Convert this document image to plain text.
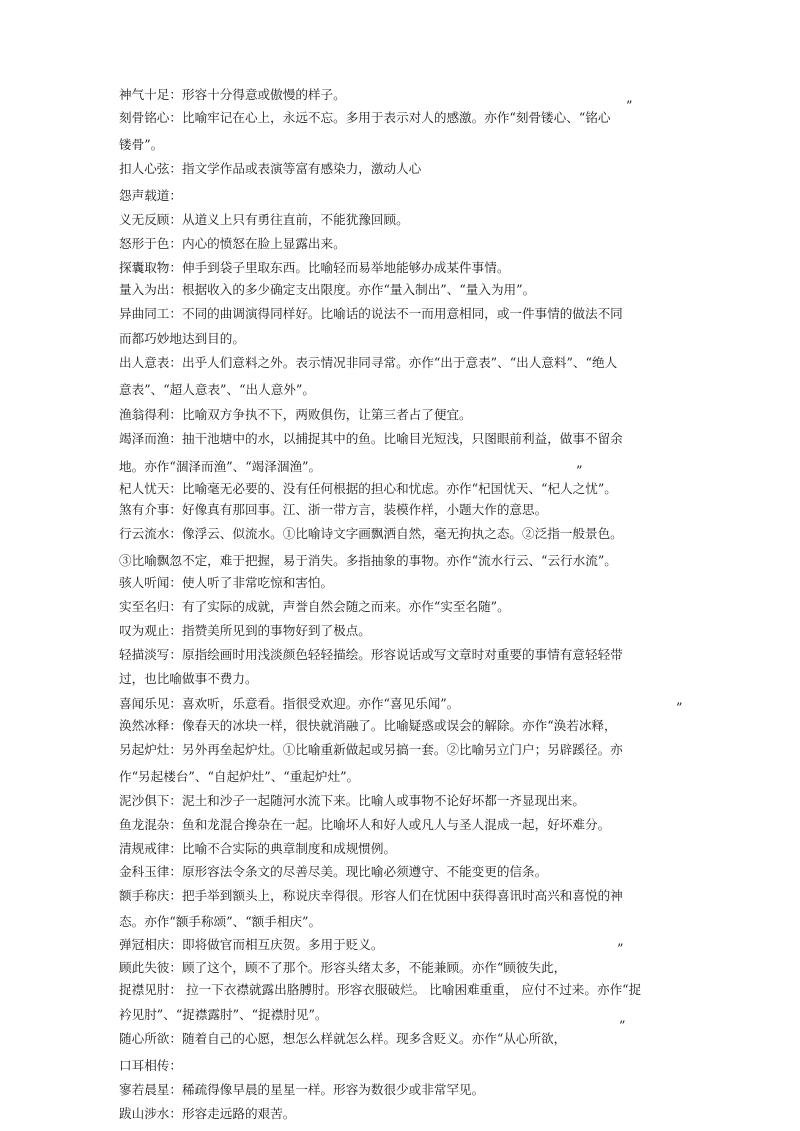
神气十足：形容十分得意或傲慢的样子。
刻骨铭心：比喻牢记在心上，永远不忘。多用于表示对人的感激。亦作“刻骨镂心、“铭心
镂骨”。
扣人心弦：指文学作品或表演等富有感染力，激动人心
怨声载道：
义无反顾：从道义上只有勇往直前，不能犹豫回顾。
怒形于色：内心的愤怒在脸上显露出来。
探囊取物：伸手到袋子里取东西。比喻轻而易举地能够办成某件事情。
量入为出：根据收入的多少确定支出限度。亦作“量入制出”、“量入为用”。
异曲同工：不同的曲调演得同样好。比喻话的说法不一而用意相同，或一件事情的做法不同
而都巧妙地达到目的。
出人意表：出乎人们意料之外。表示情况非同寻常。亦作“出于意表”、“出人意料”、“绝人
意表”、“超人意表”、“出人意外”。
渔翁得利：比喻双方争执不下，两败俱伤，让第三者占了便宜。
竭泽而渔：抽干池塘中的水，以捕捉其中的鱼。比喻目光短浅，只图眼前利益，做事不留余
地。亦作“涸泽而渔”、“竭泽涸渔”。
杞人忧天：比喻毫无必要的、没有任何根据的担心和忧虑。亦作“杞国忧天、“杞人之忧”。
煞有介事：好像真有那回事。江、浙一带方言，装模作样，小题大作的意思。
行云流水：像浮云、似流水。①比喻诗文字画飘洒自然，毫无拘执之态。②泛指一般景色。
③比喻飘忽不定，难于把握，易于消失。多指抽象的事物。亦作“流水行云、“云行水流”。
骇人听闻：使人听了非常吃惊和害怕。
实至名归：有了实际的成就，声誉自然会随之而来。亦作“实至名随”。
叹为观止：指赞美所见到的事物好到了极点。
轻描淡写：原指绘画时用浅淡颜色轻轻描绘。形容说话或写文章时对重要的事情有意轻轻带
过，也比喻做事不费力。
喜闻乐见：喜欢听，乐意看。指很受欢迎。亦作“喜见乐闻”。
涣然冰释：像春天的冰块一样，很快就消融了。比喻疑惑或误会的解除。亦作“涣若冰释，
另起炉灶：另外再垒起炉灶。①比喻重新做起或另搞一套。②比喻另立门户；另辟蹊径。亦
作“另起楼台”、“自起炉灶”、“重起炉灶”。
泥沙俱下：泥土和沙子一起随河水流下来。比喻人或事物不论好坏都一齐显现出来。
鱼龙混杂：鱼和龙混合搀杂在一起。比喻坏人和好人或凡人与圣人混成一起，好坏难分。
清规戒律：比喻不合实际的典章制度和成规惯例。
金科玉律：原形容法令条文的尽善尽美。现比喻必须遵守、不能变更的信条。
额手称庆：把手举到额头上，称说庆幸得很。形容人们在忧困中获得喜讯时高兴和喜悦的神
态。亦作“额手称颂”、“额手相庆”。
弹冠相庆：即将做官而相互庆贺。多用于贬义。
顾此失彼：顾了这个，顾不了那个。形容头绪太多，不能兼顾。亦作“顾彼失此，
捉襟见肘： 拉一下衣襟就露出胳膊肘。形容衣服破烂。 比喻困难重重， 应付不过来。亦作“捉
衿见肘”、“捉襟露肘”、“捉襟肘见”。
随心所欲：随着自己的心愿，想怎么样就怎么样。现多含贬义。亦作“从心所欲，
口耳相传：
寥若晨星：稀疏得像早晨的星星一样。形容为数很少或非常罕见。
跋山涉水：形容走远路的艰苦。
”
”
”
”
”
